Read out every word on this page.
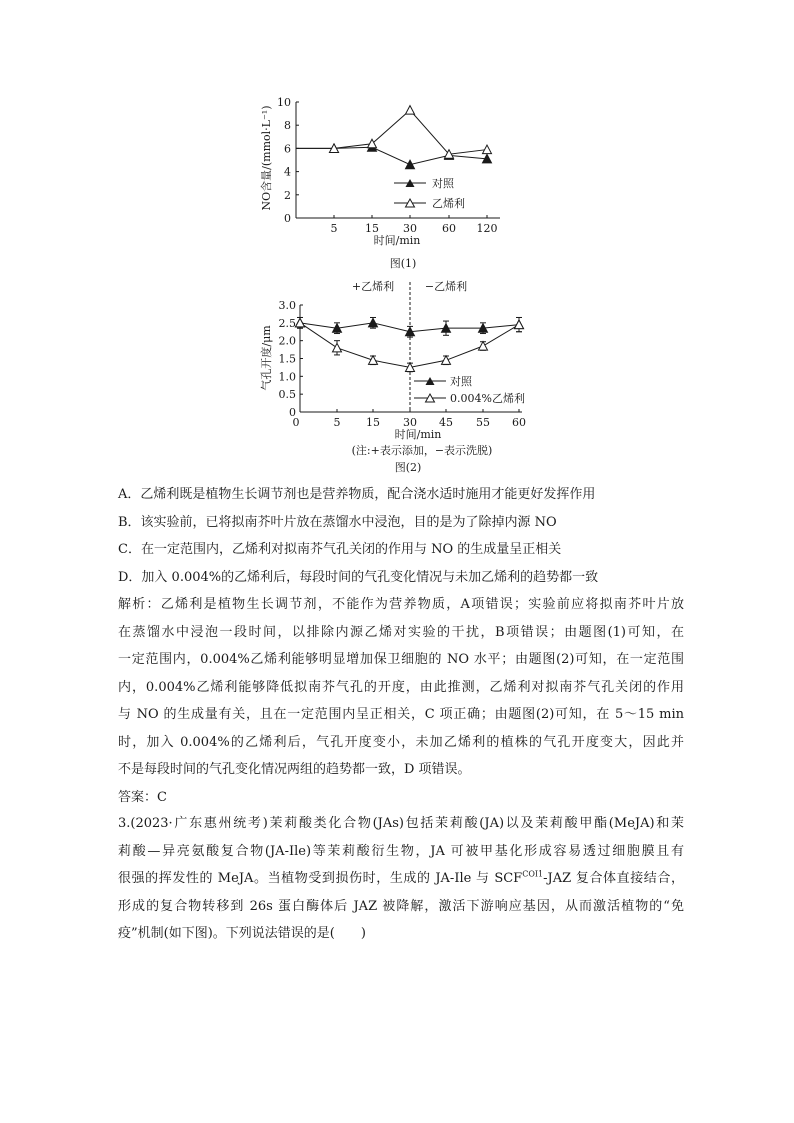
0
2
4
6
8
10
5	15 30 60 120
NO含量/(mmol·L⁻¹)
时间/min
对照
乙烯利
图(1)
+乙烯利	−乙烯利
0
0.5
1.0
1.5
2.0
2.5
3.0
0	5 15 30 45 55 60
气孔开度/μm
时间/min
(注:+表示添加，−表示洗脱)
对照
0.004%乙烯利
图(2)

A．乙烯利既是植物生长调节剂也是营养物质，配合浇水适时施用才能更好发挥作用

B．该实验前，已将拟南芥叶片放在蒸馏水中浸泡，目的是为了除掉内源 NO

C．在一定范围内，乙烯利对拟南芥气孔关闭的作用与 NO 的生成量呈正相关

D．加入 0.004%的乙烯利后，每段时间的气孔变化情况与未加乙烯利的趋势都一致

解析：乙烯利是植物生长调节剂，不能作为营养物质，A项错误；实验前应将拟南芥叶片放

在蒸馏水中浸泡一段时间，以排除内源乙烯对实验的干扰，B项错误；由题图(1)可知，在

一定范围内，0.004%乙烯利能够明显增加保卫细胞的 NO 水平；由题图(2)可知，在一定范围

内，0.004%乙烯利能够降低拟南芥气孔的开度，由此推测，乙烯利对拟南芥气孔关闭的作用

与 NO 的生成量有关，且在一定范围内呈正相关，C 项正确；由题图(2)可知，在 5～15 min

时，加入 0.004%的乙烯利后，气孔开度变小，未加乙烯利的植株的气孔开度变大，因此并

不是每段时间的气孔变化情况两组的趋势都一致，D 项错误。

答案：C

3.(2023·广东惠州统考)茉莉酸类化合物(JAs)包括茉莉酸(JA)以及茉莉酸甲酯(MeJA)和茉

莉酸—异亮氨酸复合物(JA-Ile)等茉莉酸衍生物，JA 可被甲基化形成容易透过细胞膜且有

很强的挥发性的 MeJA。当植物受到损伤时，生成的 JA-Ile 与 $SCF^{COI1}$-JAZ 复合体直接结合，

形成的复合物转移到 26s 蛋白酶体后 JAZ 被降解，激活下游响应基因，从而激活植物的“免

疫”机制(如下图)。下列说法错误的是(　　)
